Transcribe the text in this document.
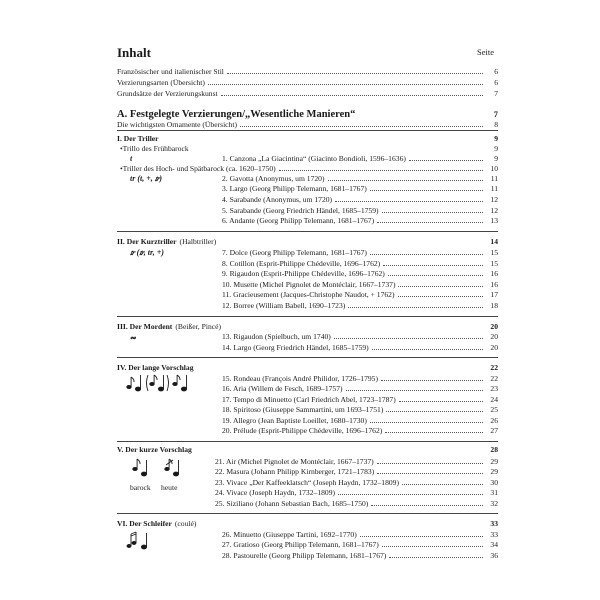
Inhalt	Seite
Französischer und italienischer Stil	6
Verzierungsarten (Übersicht)	6
Grundsätze der Verzierungskunst	7
A. Festgelegte Verzierungen/„Wesentliche Manieren“	7
Die wichtigsten Ornamente (Übersicht)	8
I. Der Triller	9
• Trillo des Frühbarock	9
t	1. Canzona „La Giacintina“ (Giacinto Bondioli, 1596–1636)	9
• Triller des Hoch- und Spätbarock (ca. 1620–1750)	10
tr (t, +, 𝆖)	2. Gavotta (Anonymus, um 1720)	11
3. Largo (Georg Philipp Telemann, 1681–1767)	11
4. Sarabande (Anonymus, um 1720)	12
5. Sarabande (Georg Friedrich Händel, 1685–1759)	12
6. Andante (Georg Philipp Telemann, 1681–1767)	13
II. Der Kurztriller (Halbtriller)	14
𝆖 (𝆖, tr, +)	7. Dolce (Georg Philipp Telemann, 1681–1767)	15
8. Cotillon (Esprit-Philippe Chédeville, 1696–1762)	15
9. Rigaudon (Esprit-Philippe Chédeville, 1696–1762)	16
10. Musette (Michel Pignolet de Montéclair, 1667–1737)	16
11. Gracieusement (Jacques-Christophe Naudot, + 1762)	17
12. Borree (William Babell, 1690–1723)	18
III. Der Mordent (Beißer, Pincé)	20
13. Rigaudon (Spielbuch, um 1740)	20
𝆗
14. Largo (Georg Friedrich Händel, 1685–1759)	20
IV. Der lange Vorschlag	22
15. Rondeau (François André Philidor, 1726–1795)	22
16. Aria (Willem de Fesch, 1689–1757)	23
17. Tempo di Minuetto (Carl Friedrich Abel, 1723–1787)	24
18. Spiritoso (Giuseppe Sammartini, um 1693–1751)	25
19. Allegro (Jean Baptiste Loeillet, 1680–1730)	26
20. Prélude (Esprit-Philippe Chédeville, 1696–1762)	27
V. Der kurze Vorschlag	28
barock heute
21. Air (Michel Pignolet de Montéclair, 1667–1737)	29
22. Masura (Johann Philipp Kirnberger, 1721–1783)	29
23. Vivace „Der Kaffeeklatsch“ (Joseph Haydn, 1732–1809)	30
24. Vivace (Joseph Haydn, 1732–1809)	31
25. Siziliano (Johann Sebastian Bach, 1685–1750)	32
VI. Der Schleifer (coulé)	33
26. Minuetto (Giuseppe Tartini, 1692–1770)	33
27. Gratioso (Georg Philipp Telemann, 1681–1767)	34
28. Pastourelle (Georg Philipp Telemann, 1681–1767)	36
